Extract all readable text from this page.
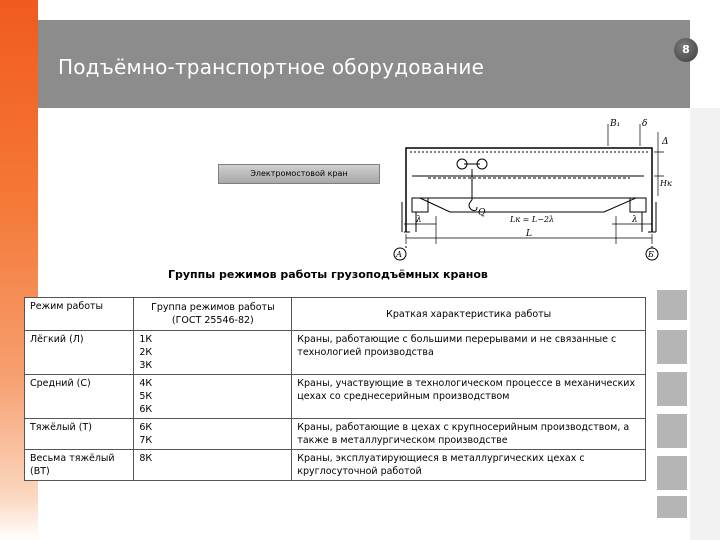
Подъёмно-транспортное оборудование
8
Электромостовой кран
B₁ δ
Δ
Hк
Q
λ	λ
Lк = L−2λ
L
А	Б
Группы режимов работы грузоподъёмных кранов
Режим работы	Группа режимов работы (ГОСТ 25546-82)	Краткая характеристика работы
Лёгкий (Л)	1К
2К
3К	Краны, работающие с большими перерывами и не связанные с технологией производства
Средний (С)	4К
5К
6К	Краны, участвующие в технологическом процессе в механических цехах со среднесерийным производством
Тяжёлый (Т)	6К
7К	Краны, работающие в цехах с крупносерийным производством, а также в металлургическом производстве
Весьма тяжёлый (ВТ)	8К	Краны, эксплуатирующиеся в металлургических цехах с круглосуточной работой
